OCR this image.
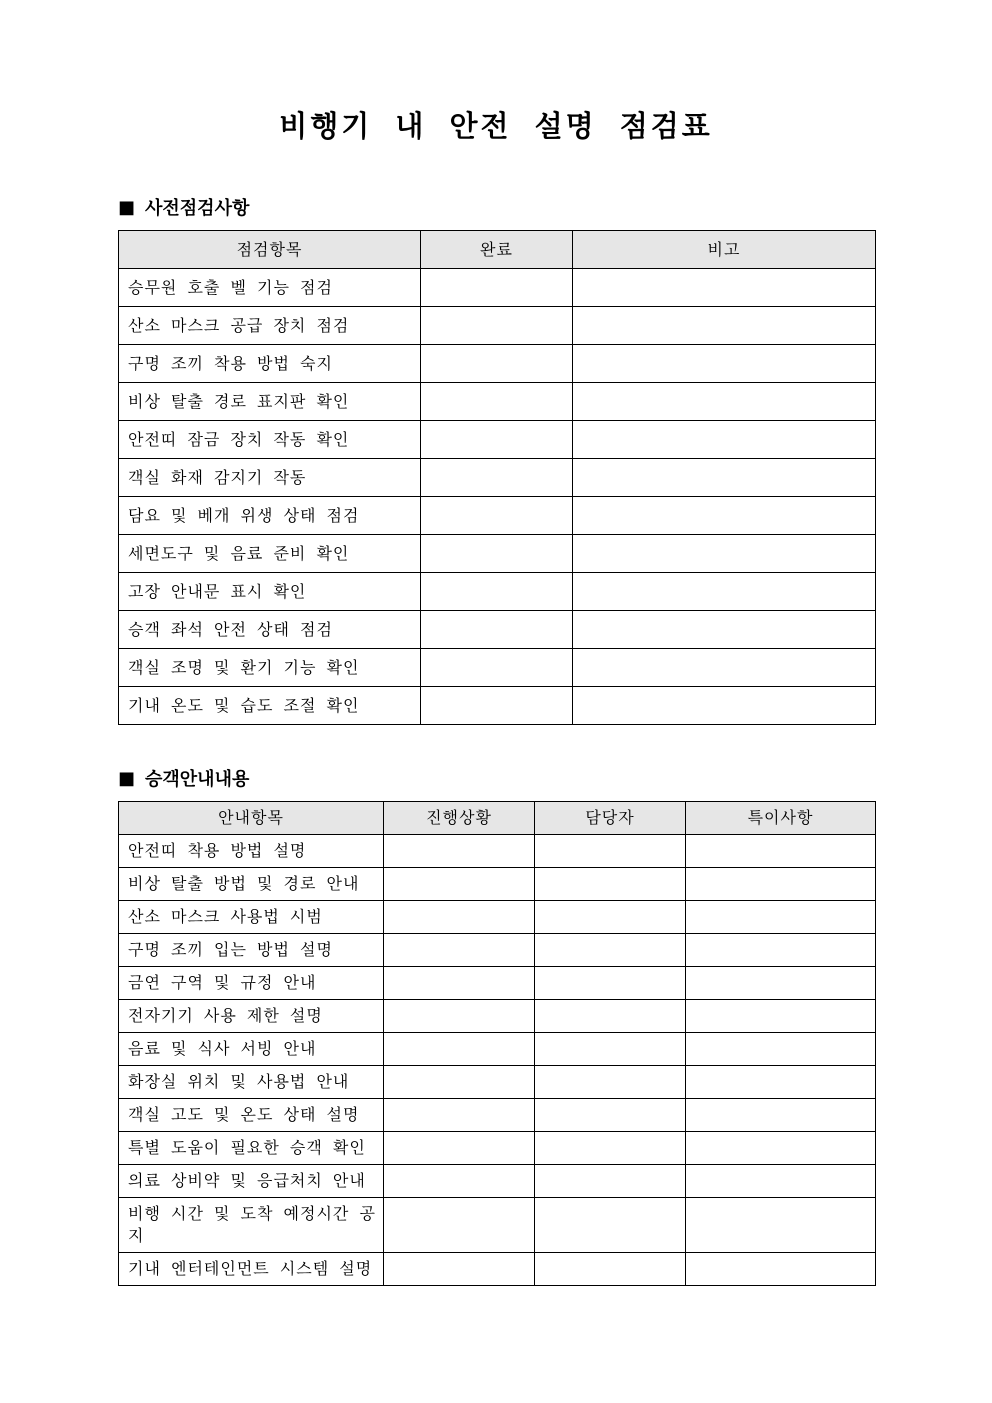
비행기 내 안전 설명 점검표
■ 사전점검사항
점검항목	완료	비고
승무원 호출 벨 기능 점검		
산소 마스크 공급 장치 점검		
구명 조끼 착용 방법 숙지		
비상 탈출 경로 표지판 확인		
안전띠 잠금 장치 작동 확인		
객실 화재 감지기 작동		
담요 및 베개 위생 상태 점검		
세면도구 및 음료 준비 확인		
고장 안내문 표시 확인		
승객 좌석 안전 상태 점검		
객실 조명 및 환기 기능 확인		
기내 온도 및 습도 조절 확인		
■ 승객안내내용
안내항목	진행상황	담당자	특이사항
안전띠 착용 방법 설명			
비상 탈출 방법 및 경로 안내			
산소 마스크 사용법 시범			
구명 조끼 입는 방법 설명			
금연 구역 및 규정 안내			
전자기기 사용 제한 설명			
음료 및 식사 서빙 안내			
화장실 위치 및 사용법 안내			
객실 고도 및 온도 상태 설명			
특별 도움이 필요한 승객 확인			
의료 상비약 및 응급처치 안내			
비행 시간 및 도착 예정시간 공지			
기내 엔터테인먼트 시스템 설명			
